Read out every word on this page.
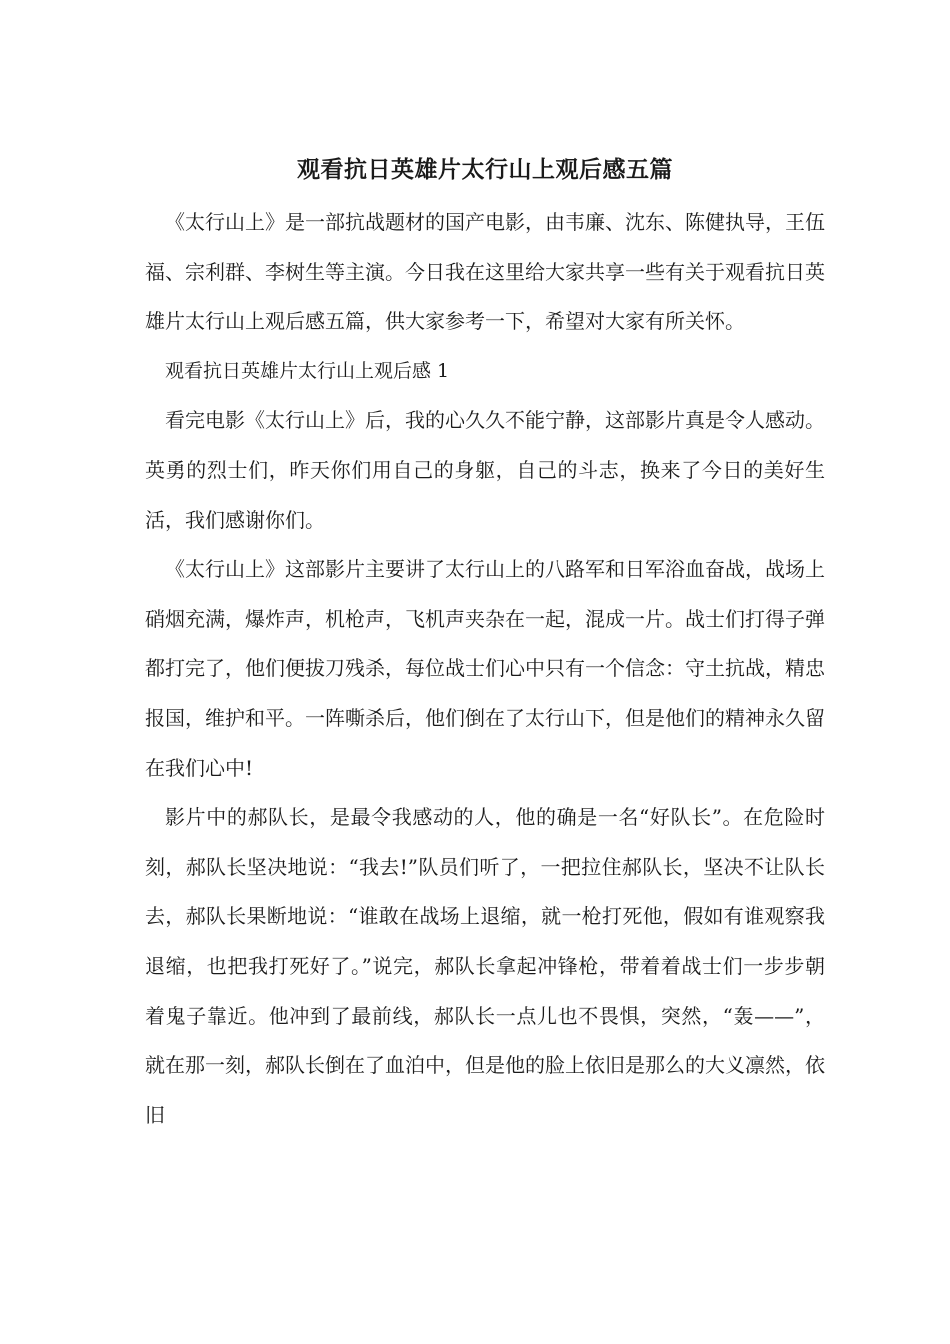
观看抗日英雄片太行山上观后感五篇

《太行山上》是一部抗战题材的国产电影，由韦廉、沈东、陈健执导，王伍福、宗利群、李树生等主演。今日我在这里给大家共享一些有关于观看抗日英雄片太行山上观后感五篇，供大家参考一下，希望对大家有所关怀。

观看抗日英雄片太行山上观后感 1

看完电影《太行山上》后，我的心久久不能宁静，这部影片真是令人感动。英勇的烈士们，昨天你们用自己的身躯，自己的斗志，换来了今日的美好生活，我们感谢你们。

《太行山上》这部影片主要讲了太行山上的八路军和日军浴血奋战，战场上硝烟充满，爆炸声，机枪声，飞机声夹杂在一起，混成一片。战士们打得子弹都打完了，他们便拔刀残杀，每位战士们心中只有一个信念：守土抗战，精忠报国，维护和平。一阵嘶杀后，他们倒在了太行山下，但是他们的精神永久留在我们心中!

影片中的郝队长，是最令我感动的人，他的确是一名“好队长”。在危险时刻，郝队长坚决地说：“我去!”队员们听了，一把拉住郝队长，坚决不让队长去，郝队长果断地说：“谁敢在战场上退缩，就一枪打死他，假如有谁观察我退缩，也把我打死好了。”说完，郝队长拿起冲锋枪，带着着战士们一步步朝着鬼子靠近。他冲到了最前线，郝队长一点儿也不畏惧，突然，“轰——”，就在那一刻，郝队长倒在了血泊中，但是他的脸上依旧是那么的大义凛然，依旧
